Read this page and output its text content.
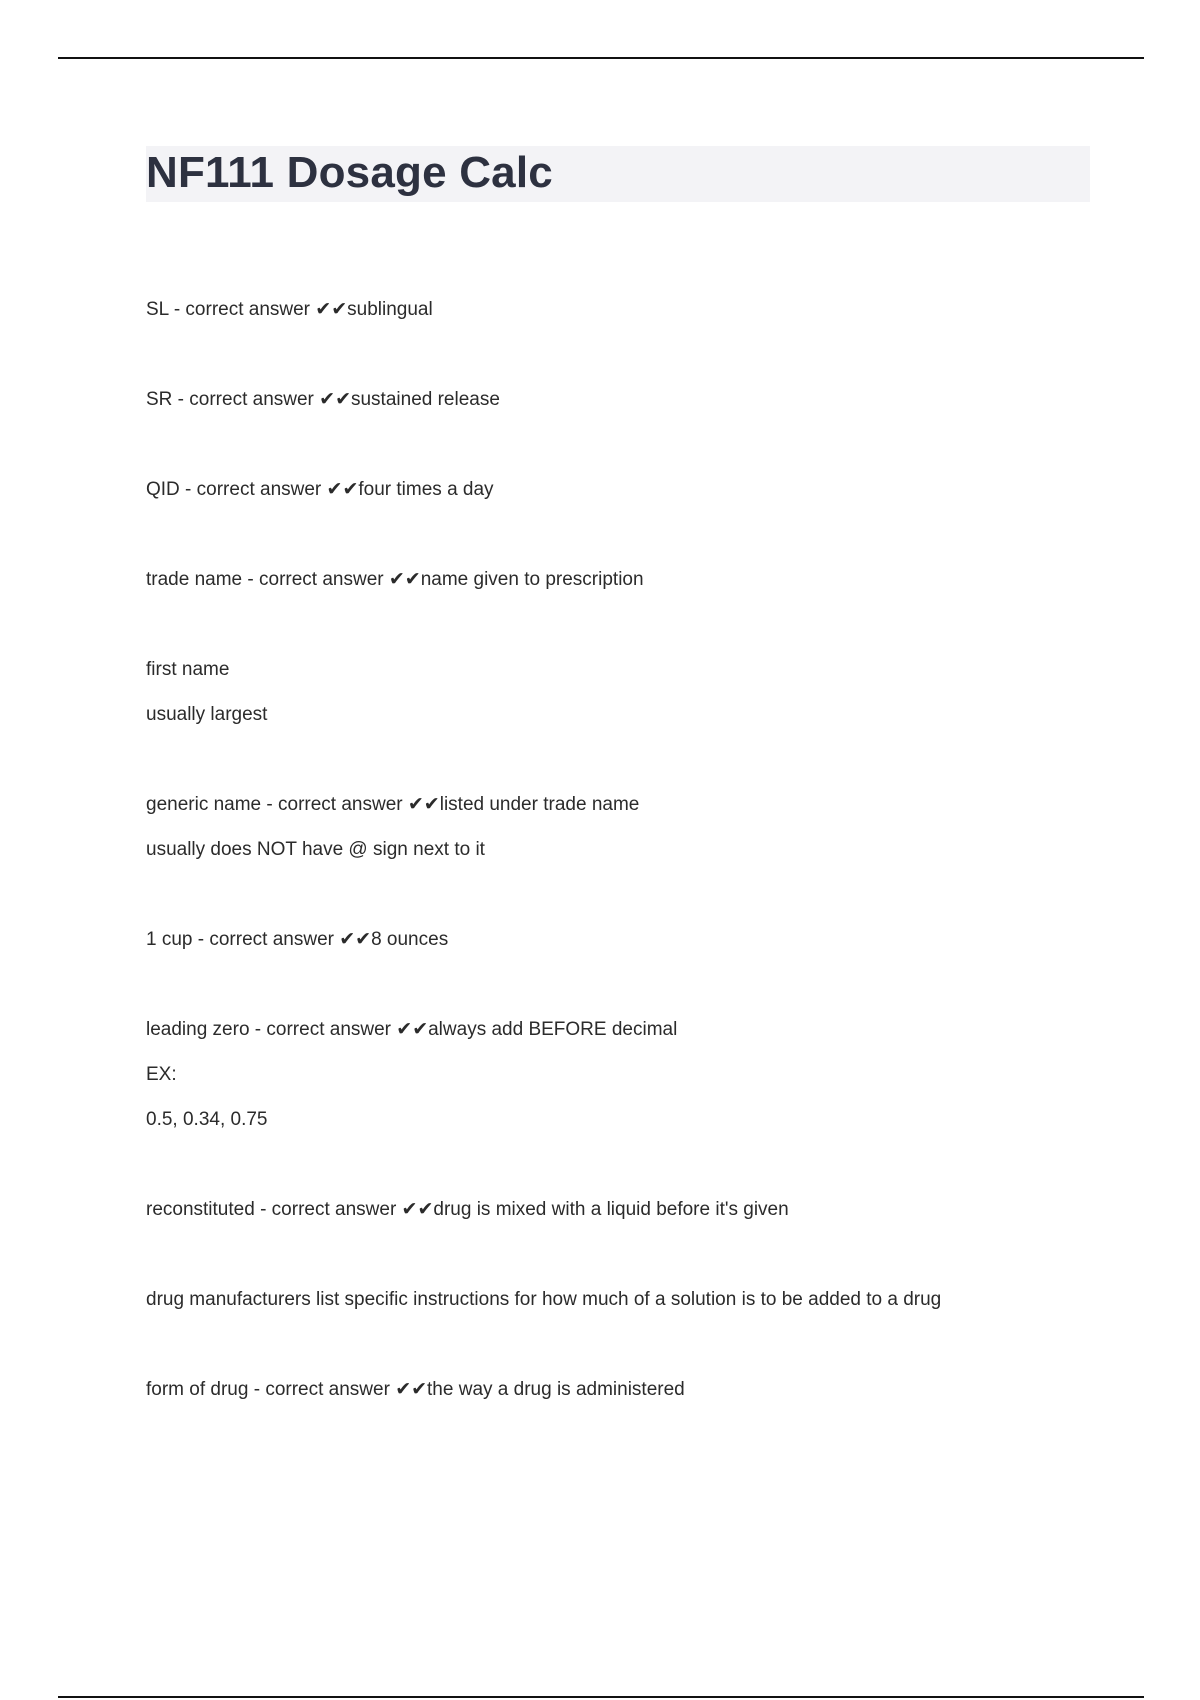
NF111 Dosage Calc
SL - correct answer ✔✔sublingual
SR - correct answer ✔✔sustained release
QID - correct answer ✔✔four times a day
trade name - correct answer ✔✔name given to prescription
first name
usually largest
generic name - correct answer ✔✔listed under trade name
usually does NOT have @ sign next to it
1 cup - correct answer ✔✔8 ounces
leading zero - correct answer ✔✔always add BEFORE decimal
EX:
0.5, 0.34, 0.75
reconstituted - correct answer ✔✔drug is mixed with a liquid before it's given
drug manufacturers list specific instructions for how much of a solution is to be added to a drug
form of drug - correct answer ✔✔the way a drug is administered
